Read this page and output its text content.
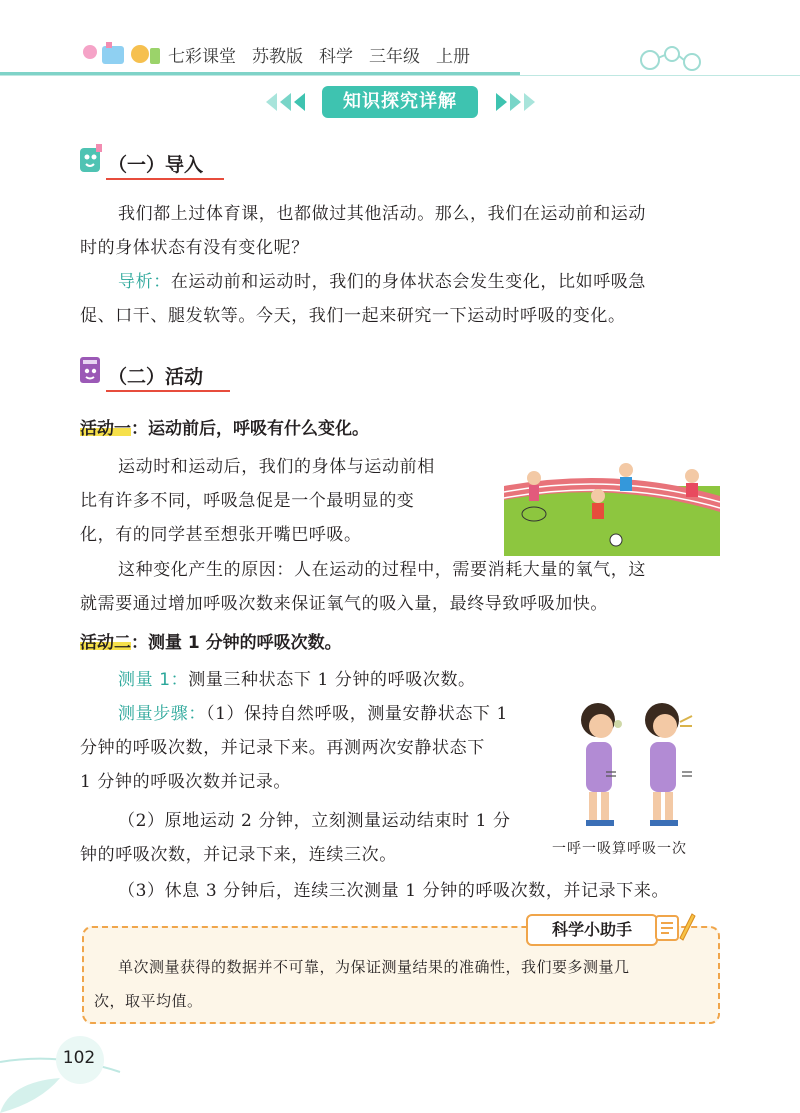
七彩课堂 苏教版 科学 三年级 上册
知识探究详解
（一）导入
我们都上过体育课，也都做过其他活动。那么，我们在运动前和运动
时的身体状态有没有变化呢？
导析：在运动前和运动时，我们的身体状态会发生变化，比如呼吸急
促、口干、腿发软等。今天，我们一起来研究一下运动时呼吸的变化。
（二）活动
活动一：运动前后，呼吸有什么变化。
运动时和运动后，我们的身体与运动前相
比有许多不同，呼吸急促是一个最明显的变
化，有的同学甚至想张开嘴巴呼吸。
这种变化产生的原因：人在运动的过程中，需要消耗大量的氧气，这
就需要通过增加呼吸次数来保证氧气的吸入量，最终导致呼吸加快。
活动二：测量 1 分钟的呼吸次数。
测量 1：测量三种状态下 1 分钟的呼吸次数。
测量步骤：（1）保持自然呼吸，测量安静状态下 1
分钟的呼吸次数，并记录下来。再测两次安静状态下
1 分钟的呼吸次数并记录。
（2）原地运动 2 分钟，立刻测量运动结束时 1 分
钟的呼吸次数，并记录下来，连续三次。	一呼一吸算呼吸一次
（3）休息 3 分钟后，连续三次测量 1 分钟的呼吸次数，并记录下来。
科学小助手
单次测量获得的数据并不可靠，为保证测量结果的准确性，我们要多测量几
次，取平均值。
102
